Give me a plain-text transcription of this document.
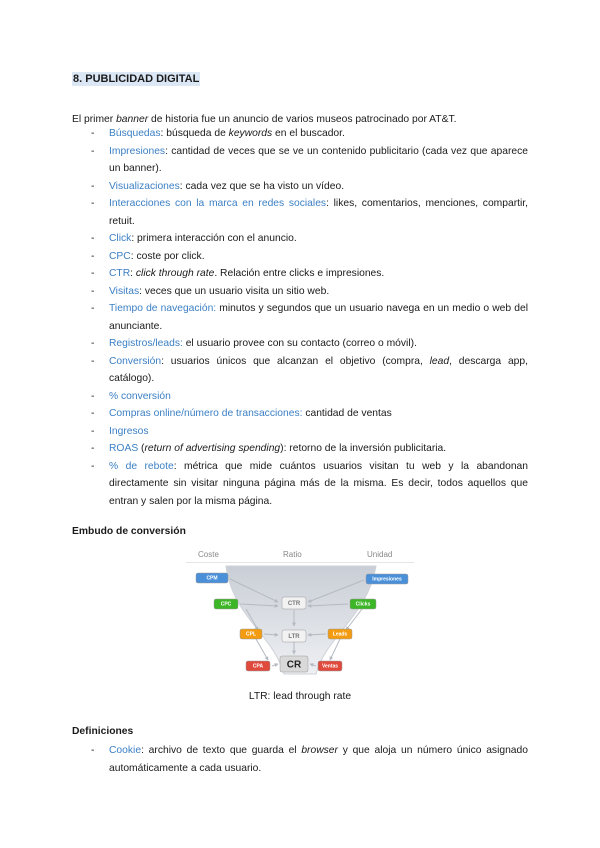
8. PUBLICIDAD DIGITAL
El primer banner de historia fue un anuncio de varios museos patrocinado por AT&T.
- Búsquedas: búsqueda de keywords en el buscador.
- Impresiones: cantidad de veces que se ve un contenido publicitario (cada vez que aparece un banner).
- Visualizaciones: cada vez que se ha visto un vídeo.
- Interacciones con la marca en redes sociales: likes, comentarios, menciones, compartir, retuit.
- Click: primera interacción con el anuncio.
- CPC: coste por click.
- CTR: click through rate. Relación entre clicks e impresiones.
- Visitas: veces que un usuario visita un sitio web.
- Tiempo de navegación: minutos y segundos que un usuario navega en un medio o web del anunciante.
- Registros/leads: el usuario provee con su contacto (correo o móvil).
- Conversión: usuarios únicos que alcanzan el objetivo (compra, lead, descarga app, catálogo).
- % conversión
- Compras online/número de transacciones: cantidad de ventas
- Ingresos
- ROAS (return of advertising spending): retorno de la inversión publicitaria.
- % de rebote: métrica que mide cuántos usuarios visitan tu web y la abandonan directamente sin visitar ninguna página más de la misma. Es decir, todos aquellos que entran y salen por la misma página.
Embudo de conversión
Coste	Ratio	Unidad
CPM
CPC
CPL
CPA
Impresiones
Clicks
Leads
Ventas
CTR
LTR
CR
LTR: lead through rate
Definiciones
- Cookie: archivo de texto que guarda el browser y que aloja un número único asignado automáticamente a cada usuario.
